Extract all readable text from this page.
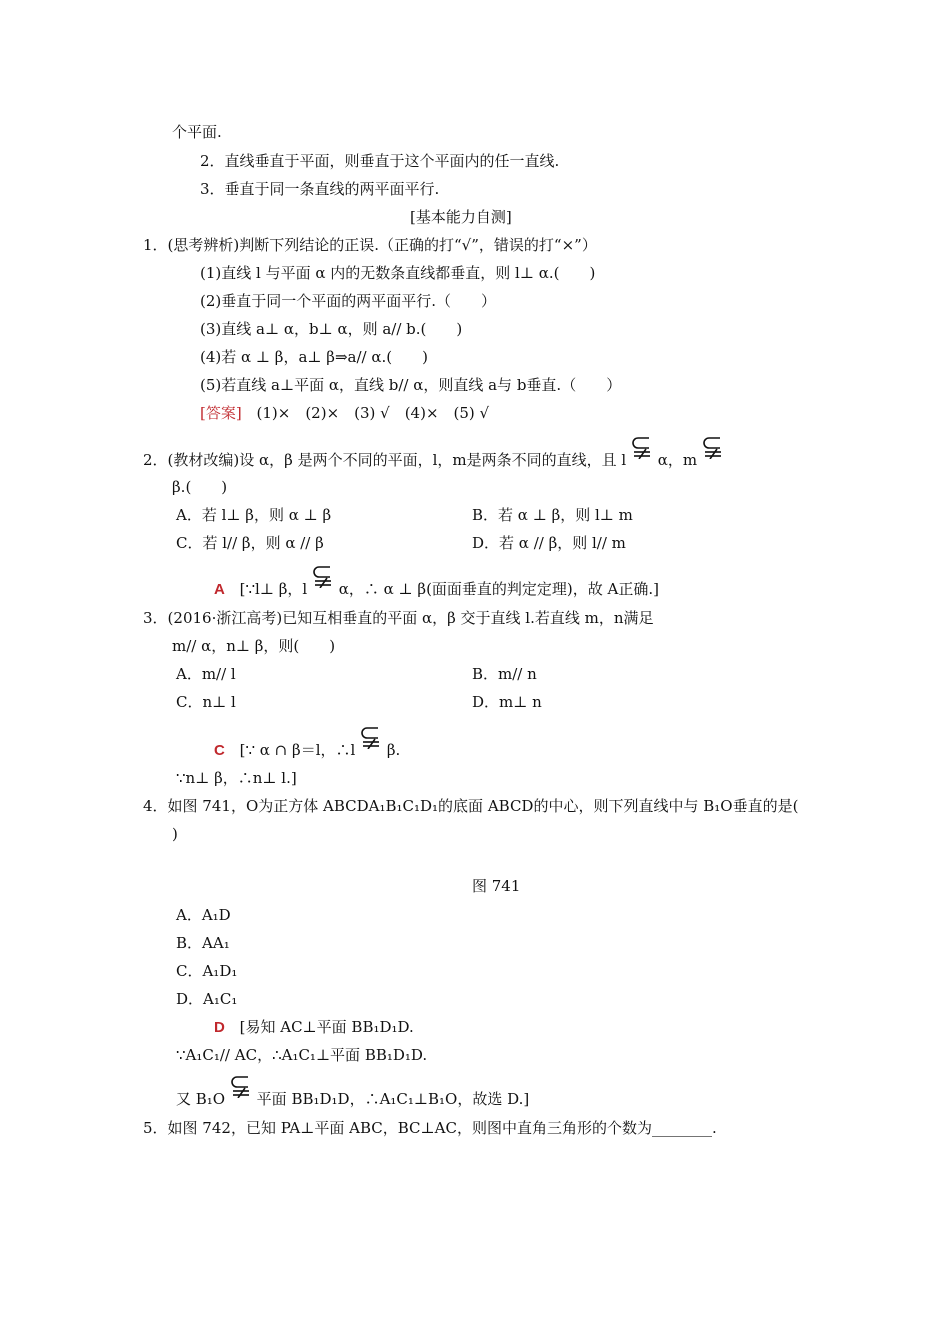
个平面.
2．直线垂直于平面，则垂直于这个平面内的任一直线.
3．垂直于同一条直线的两平面平行.
[基本能力自测]
1．(思考辨析)判断下列结论的正误.（正确的打“√”，错误的打“×”）
(1)直线 l 与平面 α 内的无数条直线都垂直，则 l⊥ α.(　　)
(2)垂直于同一个平面的两平面平行.（　　）
(3)直线 a⊥ α，b⊥ α，则 a// b.(　　)
(4)若 α ⊥ β，a⊥ β⇒a// α.(　　)
(5)若直线 a⊥平面 α，直线 b// α，则直线 a与 b垂直.（　　）
[答案] (1)×　(2)×　(3) √　(4)×　(5) √
2．(教材改编)设 α，β 是两个不同的平面，l，m是两条不同的直线，且 l α，m
β.(　　)
A．若 l⊥ β，则 α ⊥ β	B．若 α ⊥ β，则 l⊥ m
C．若 l// β，则 α // β	D．若 α // β，则 l// m
A [∵l⊥ β，l α，∴ α ⊥ β(面面垂直的判定定理)，故 A正确.]
3．(2016·浙江高考)已知互相垂直的平面 α，β 交于直线 l.若直线 m，n满足
m// α，n⊥ β，则(　　)
A．m// l	B．m// n
C．n⊥ l	D．m⊥ n
C [∵ α ∩ β＝l，∴l β.
∵n⊥ β，∴n⊥ l.]
4．如图 741，O为正方体 ABCDA₁B₁C₁D₁的底面 ABCD的中心，则下列直线中与 B₁O垂直的是(
)
图 741
A．A₁D
B．AA₁
C．A₁D₁
D．A₁C₁
D [易知 AC⊥平面 BB₁D₁D.
∵A₁C₁// AC，∴A₁C₁⊥平面 BB₁D₁D.
又 B₁O 平面 BB₁D₁D，∴A₁C₁⊥B₁O，故选 D.]
5．如图 742，已知 PA⊥平面 ABC，BC⊥AC，则图中直角三角形的个数为________.
